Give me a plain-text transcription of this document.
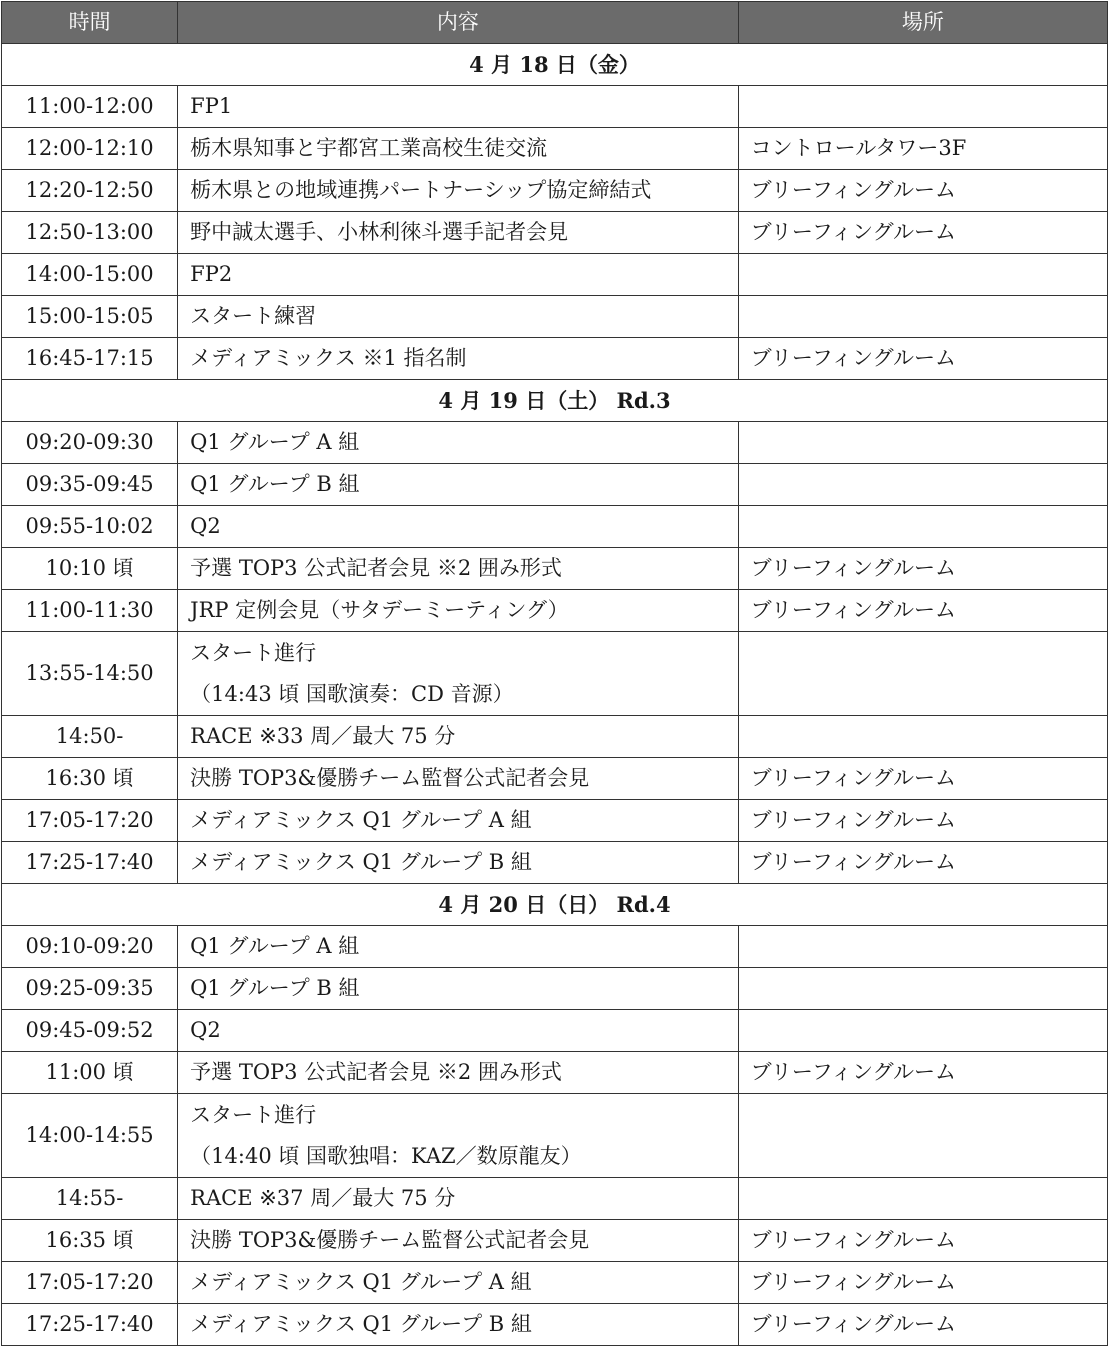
時間	内容	場所
4 月 18 日（金）		
11:00-12:00	FP1	
12:00-12:10	栃木県知事と宇都宮工業高校生徒交流	コントロールタワー3F
12:20-12:50	栃木県との地域連携パートナーシップ協定締結式	ブリーフィングルーム
12:50-13:00	野中誠太選手、小林利徠斗選手記者会見	ブリーフィングルーム
14:00-15:00	FP2	
15:00-15:05	スタート練習	
16:45-17:15	メディアミックス ※1 指名制	ブリーフィングルーム
4 月 19 日（土） Rd.3		
09:20-09:30	Q1 グループ A 組	
09:35-09:45	Q1 グループ B 組	
09:55-10:02	Q2	
10:10 頃	予選 TOP3 公式記者会見 ※2 囲み形式	ブリーフィングルーム
11:00-11:30	JRP 定例会見（サタデーミーティング）	ブリーフィングルーム
13:55-14:50	スタート進行
（14:43 頃 国歌演奏：CD 音源）	

14:50-	RACE ※33 周／最大 75 分	
16:30 頃	決勝 TOP3&優勝チーム監督公式記者会見	ブリーフィングルーム
17:05-17:20	メディアミックス Q1 グループ A 組	ブリーフィングルーム
17:25-17:40	メディアミックス Q1 グループ B 組	ブリーフィングルーム
4 月 20 日（日） Rd.4		
09:10-09:20	Q1 グループ A 組	
09:25-09:35	Q1 グループ B 組	
09:45-09:52	Q2	
11:00 頃	予選 TOP3 公式記者会見 ※2 囲み形式	ブリーフィングルーム
14:00-14:55	スタート進行
（14:40 頃 国歌独唱：KAZ／数原龍友）	

14:55-	RACE ※37 周／最大 75 分	
16:35 頃	決勝 TOP3&優勝チーム監督公式記者会見	ブリーフィングルーム
17:05-17:20	メディアミックス Q1 グループ A 組	ブリーフィングルーム
17:25-17:40	メディアミックス Q1 グループ B 組	ブリーフィングルーム
